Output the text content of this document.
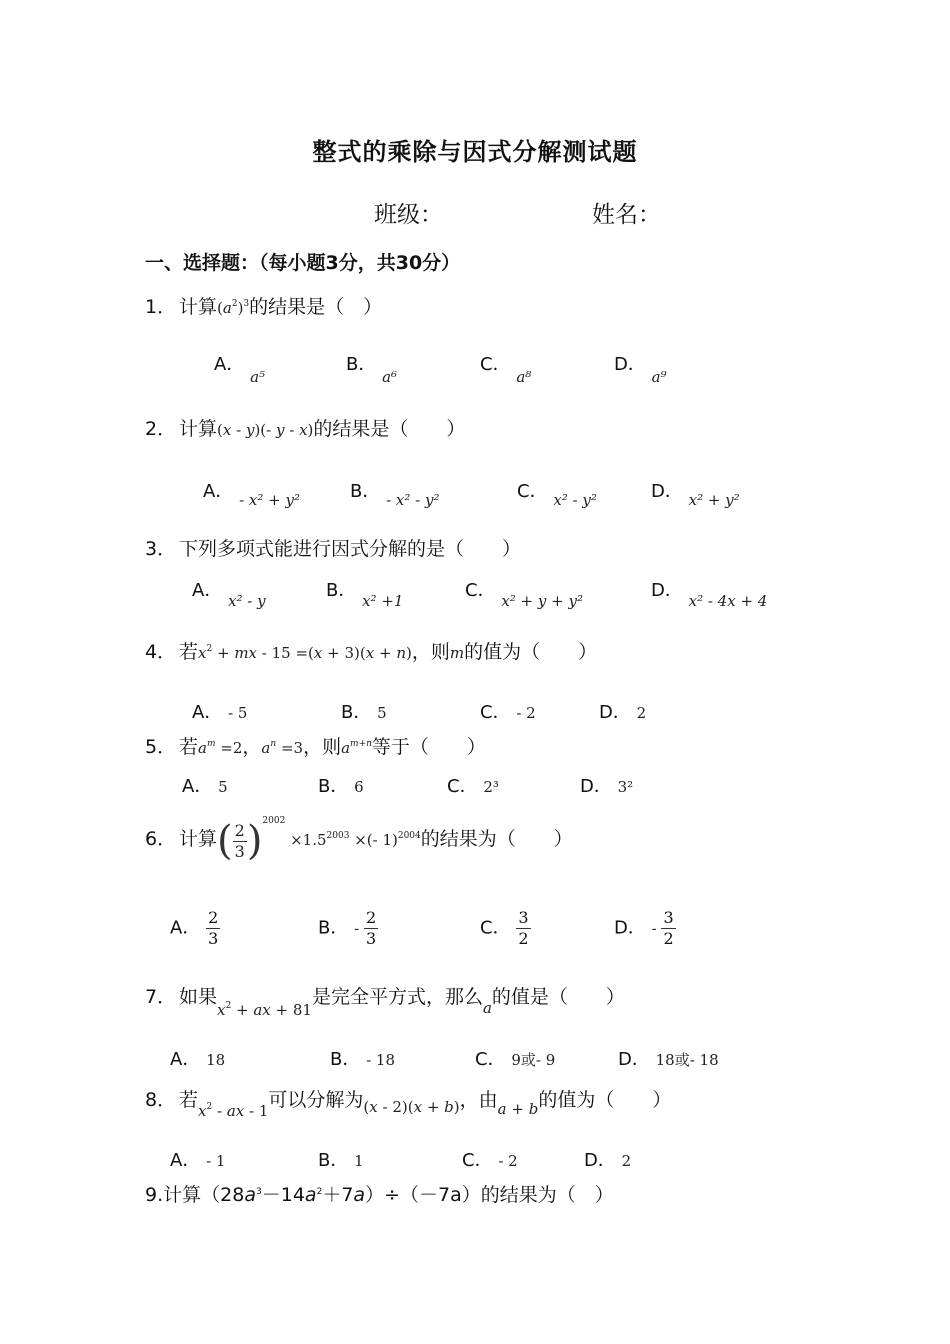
整式的乘除与因式分解测试题
班级：	姓名：
一、选择题：（每小题3分，共30分）
1． 计算$(a^2)^3$的结果是（　）
A． $_{a^5}$
B． $_{a^6}$
C． $_{a^8}$
D． $_{a^9}$
2． 计算(x - y)(- y - x)的结果是（　　）
A． $_{- x^2 + y^2}$	B． $_{- x^2 - y^2}$	C． $_{x^2 - y^2}$	D． $_{x^2 + y^2}$
3． 下列多项式能进行因式分解的是（　　）
A． $_{x^2 - y}$	B． $_{x^2 +1}$	C． $_{x^2 + y + y^2}$	D． $_{x^2 - 4x + 4}$
4． 若$x^2$ + mx - 15 =(x + 3)(x + n)，则m的值为（　　）
A． - 5	B． 5	C． - 2	D． 2
5． 若$a^m =2$，$a^n =3$，则$a^{m+n}$等于（　　）
A． 5	B． 6	C． 2³	D． 3²
6． 计算( $\frac{2}{3} )^{2002} \times 1.5^{2003}$ ×(- 1)$^{2004}$的结果为（　　）
A． $\frac{2}{3}$	B． - $\frac{2}{3}$	C． $\frac{3}{2}$	D． - $\frac{3}{2}$
7． 如果$_{x^2 + ax + 81}$是完全平方式，那么$_a$的值是（　　）
A． 18	B． - 18	C． 9或- 9	D． 18或- 18
8． 若$_{x^2 - ax - 1}$可以分解为$_{(x - 2)(x + b)}$，由$_{a + b}$的值为（　　）
A． - 1	B． 1	C． - 2	D． 2
9.计算$(28a^3-14a^2+7a)\div(-7a)$的结果为（　）
